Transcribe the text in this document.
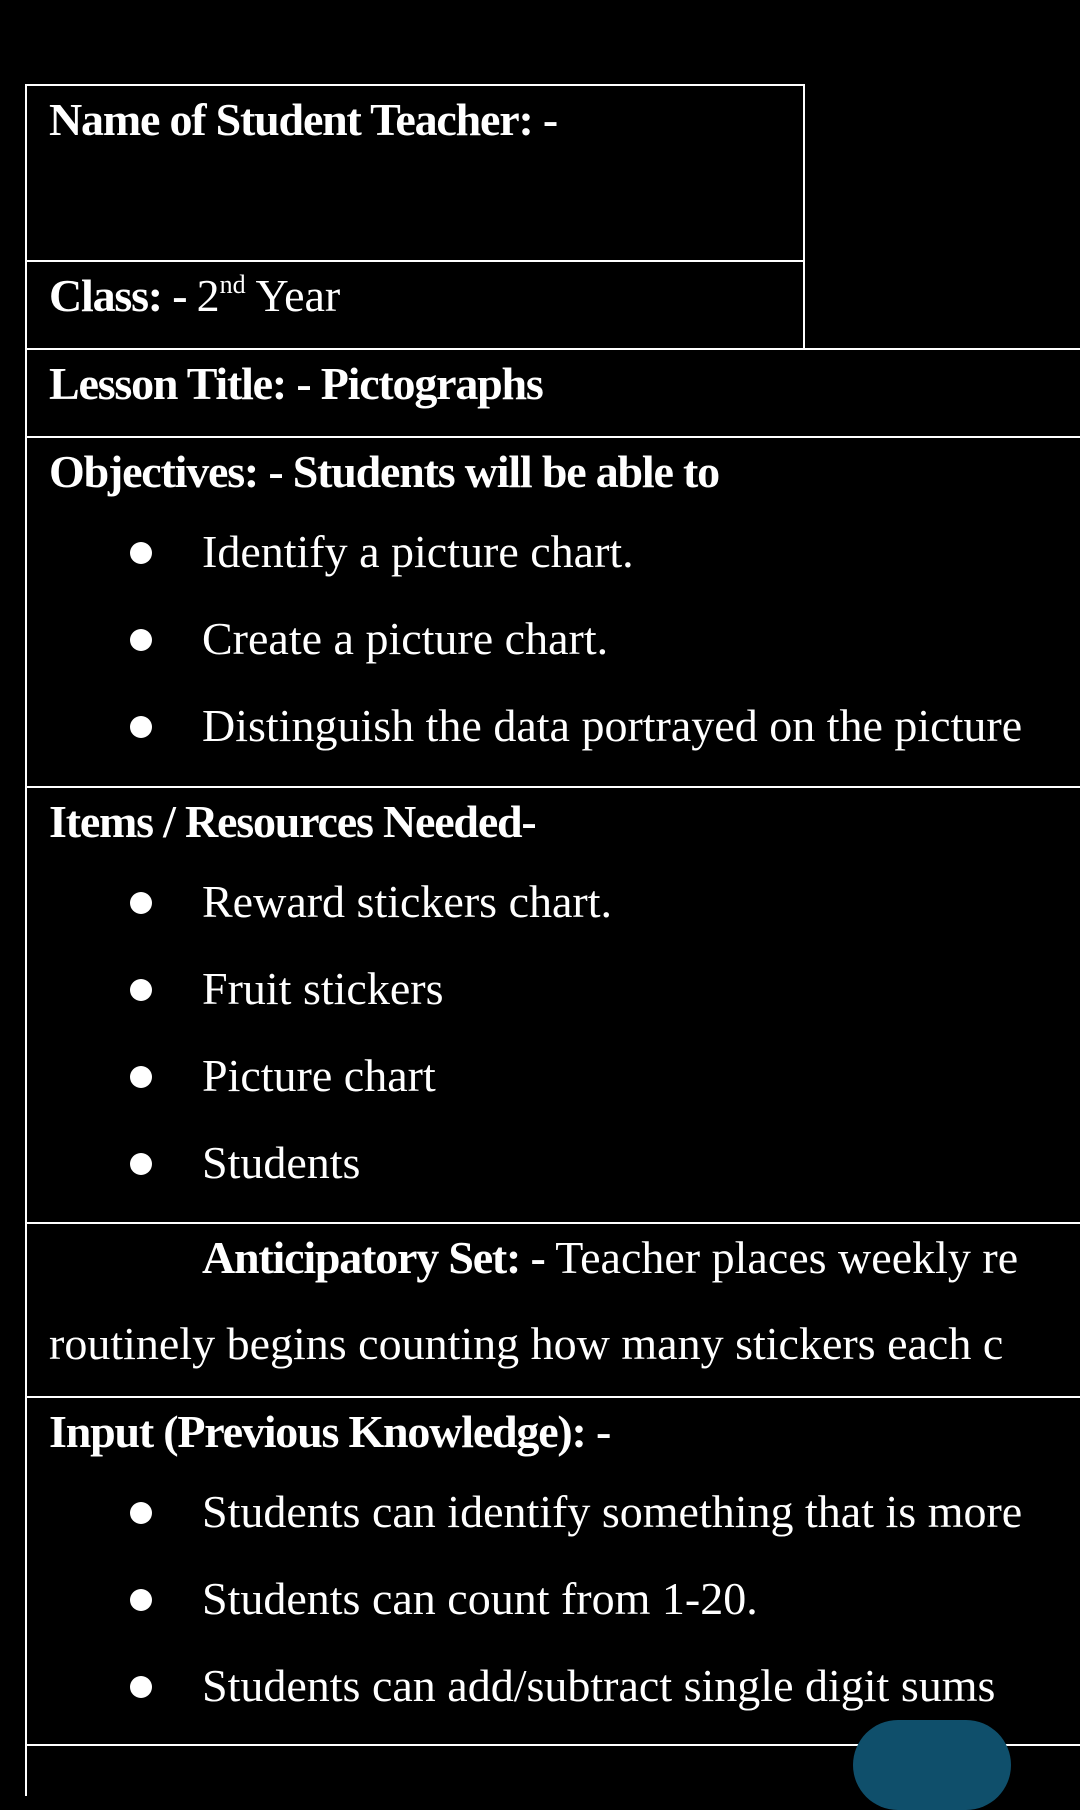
Name of Student Teacher: -
Class: - 2nd Year
Lesson Title: - Pictographs
Objectives: - Students will be able to
Identify a picture chart.
Create a picture chart.
Distinguish the data portrayed on the picture
Items / Resources Needed-
Reward stickers chart.
Fruit stickers
Picture chart
Students
Anticipatory Set: - Teacher places weekly re
routinely begins counting how many stickers each c
Input (Previous Knowledge): -
Students can identify something that is more
Students can count from 1-20.
Students can add/subtract single digit sums
